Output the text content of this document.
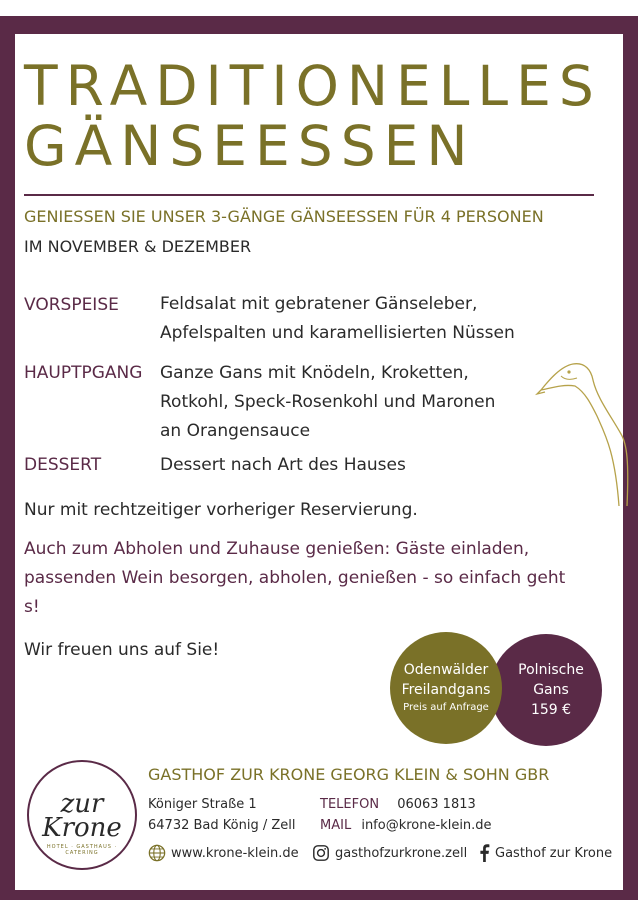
TRADITIONELLES
GÄNSEESSEN
GENIESSEN SIE UNSER 3-GÄNGE GÄNSEESSEN FÜR 4 PERSONEN
IM NOVEMBER & DEZEMBER
VORSPEISE Feldsalat mit gebratener Gänseleber,
Apfelspalten und karamellisierten Nüssen
HAUPTPGANG Ganze Gans mit Knödeln, Kroketten,
Rotkohl, Speck-Rosenkohl und Maronen
an Orangensauce
DESSERT	Dessert nach Art des Hauses
Nur mit rechtzeitiger vorheriger Reservierung.
Auch zum Abholen und Zuhause genießen: Gäste einladen, passenden Wein besorgen, abholen, genießen - so einfach geht s!
Wir freuen uns auf Sie!
Odenwälder
Freilandgans
Preis auf Anfrage
Polnische
Gans
159 €
zur
Krone
HOTEL · GASTHAUS · CATERING
GASTHOF ZUR KRONE GEORG KLEIN & SOHN GBR
Königer Straße 1
64732 Bad König / Zell
TELEFON 06063 1813
MAIL info@krone-klein.de
www.krone-klein.de	gasthofzurkrone.zell Gasthof zur Krone
